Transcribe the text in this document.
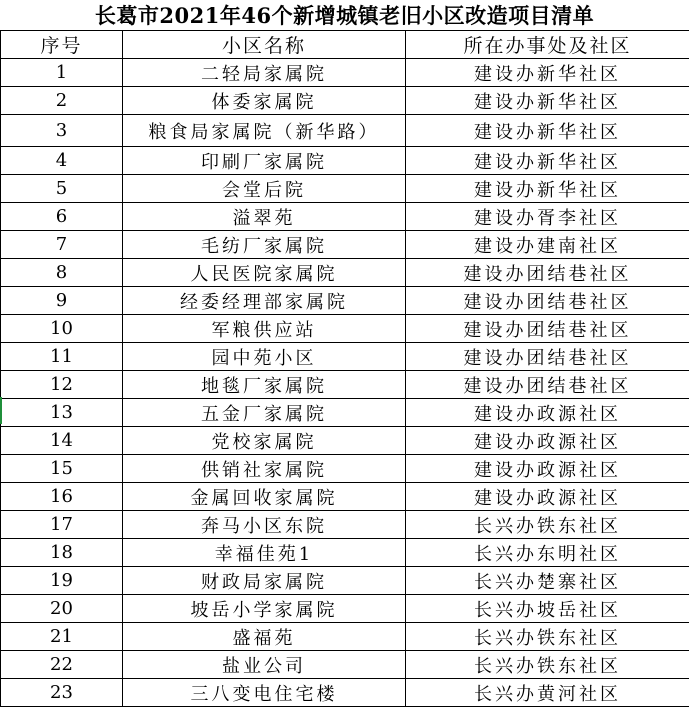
长葛市2021年46个新增城镇老旧小区改造项目清单
序号	小区名称	所在办事处及社区
1	二轻局家属院	建设办新华社区
2	体委家属院	建设办新华社区
3	粮食局家属院（新华路）	建设办新华社区
4	印刷厂家属院	建设办新华社区
5	会堂后院	建设办新华社区
6	溢翠苑	建设办胥李社区
7	毛纺厂家属院	建设办建南社区
8	人民医院家属院	建设办团结巷社区
9	经委经理部家属院	建设办团结巷社区
10	军粮供应站	建设办团结巷社区
11	园中苑小区	建设办团结巷社区
12	地毯厂家属院	建设办团结巷社区
13	五金厂家属院	建设办政源社区
14	党校家属院	建设办政源社区
15	供销社家属院	建设办政源社区
16	金属回收家属院	建设办政源社区
17	奔马小区东院	长兴办铁东社区
18	幸福佳苑1	长兴办东明社区
19	财政局家属院	长兴办楚寨社区
20	坡岳小学家属院	长兴办坡岳社区
21	盛福苑	长兴办铁东社区
22	盐业公司	长兴办铁东社区
23	三八变电住宅楼	长兴办黄河社区
